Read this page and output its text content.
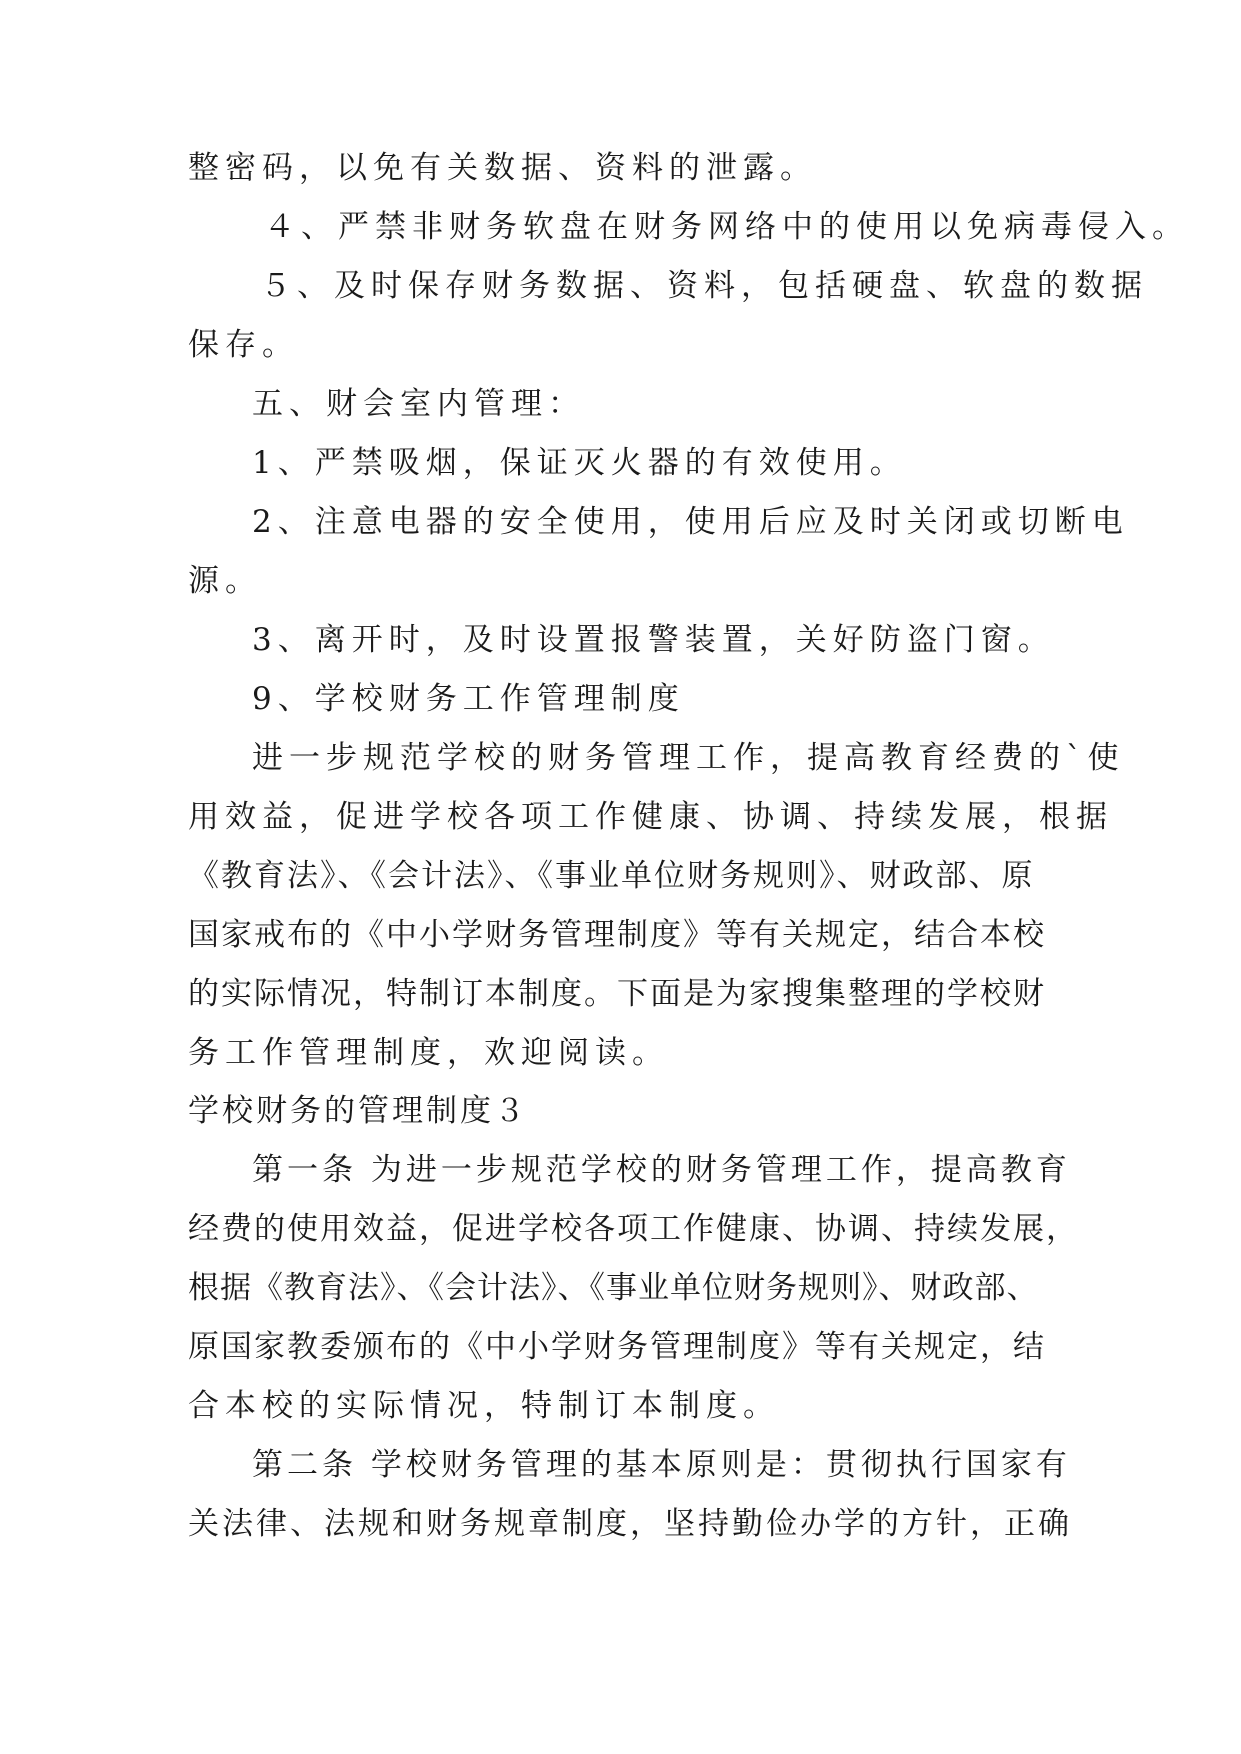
整密码，以免有关数据、资料的泄露。
４、严禁非财务软盘在财务网络中的使用以免病毒侵入。
５、及时保存财务数据、资料，包括硬盘、软盘的数据
保存。
五、财会室内管理：
1、严禁吸烟，保证灭火器的有效使用。
2、注意电器的安全使用，使用后应及时关闭或切断电
源。
3、离开时，及时设置报警装置，关好防盗门窗。
9、学校财务工作管理制度
进一步规范学校的财务管理工作，提高教育经费的`使
用效益，促进学校各项工作健康、协调、持续发展，根据
《教育法》、《会计法》、《事业单位财务规则》、财政部、原
国家戒布的《中小学财务管理制度》等有关规定，结合本校
的实际情况，特制订本制度。下面是为家搜集整理的学校财
务工作管理制度，欢迎阅读。
学校财务的管理制度３
第一条 为进一步规范学校的财务管理工作，提高教育
经费的使用效益，促进学校各项工作健康、协调、持续发展，
根据《教育法》、《会计法》、《事业单位财务规则》、财政部、
原国家教委颁布的《中小学财务管理制度》等有关规定，结
合本校的实际情况，特制订本制度。
第二条 学校财务管理的基本原则是：贯彻执行国家有
关法律、法规和财务规章制度，坚持勤俭办学的方针，正确
